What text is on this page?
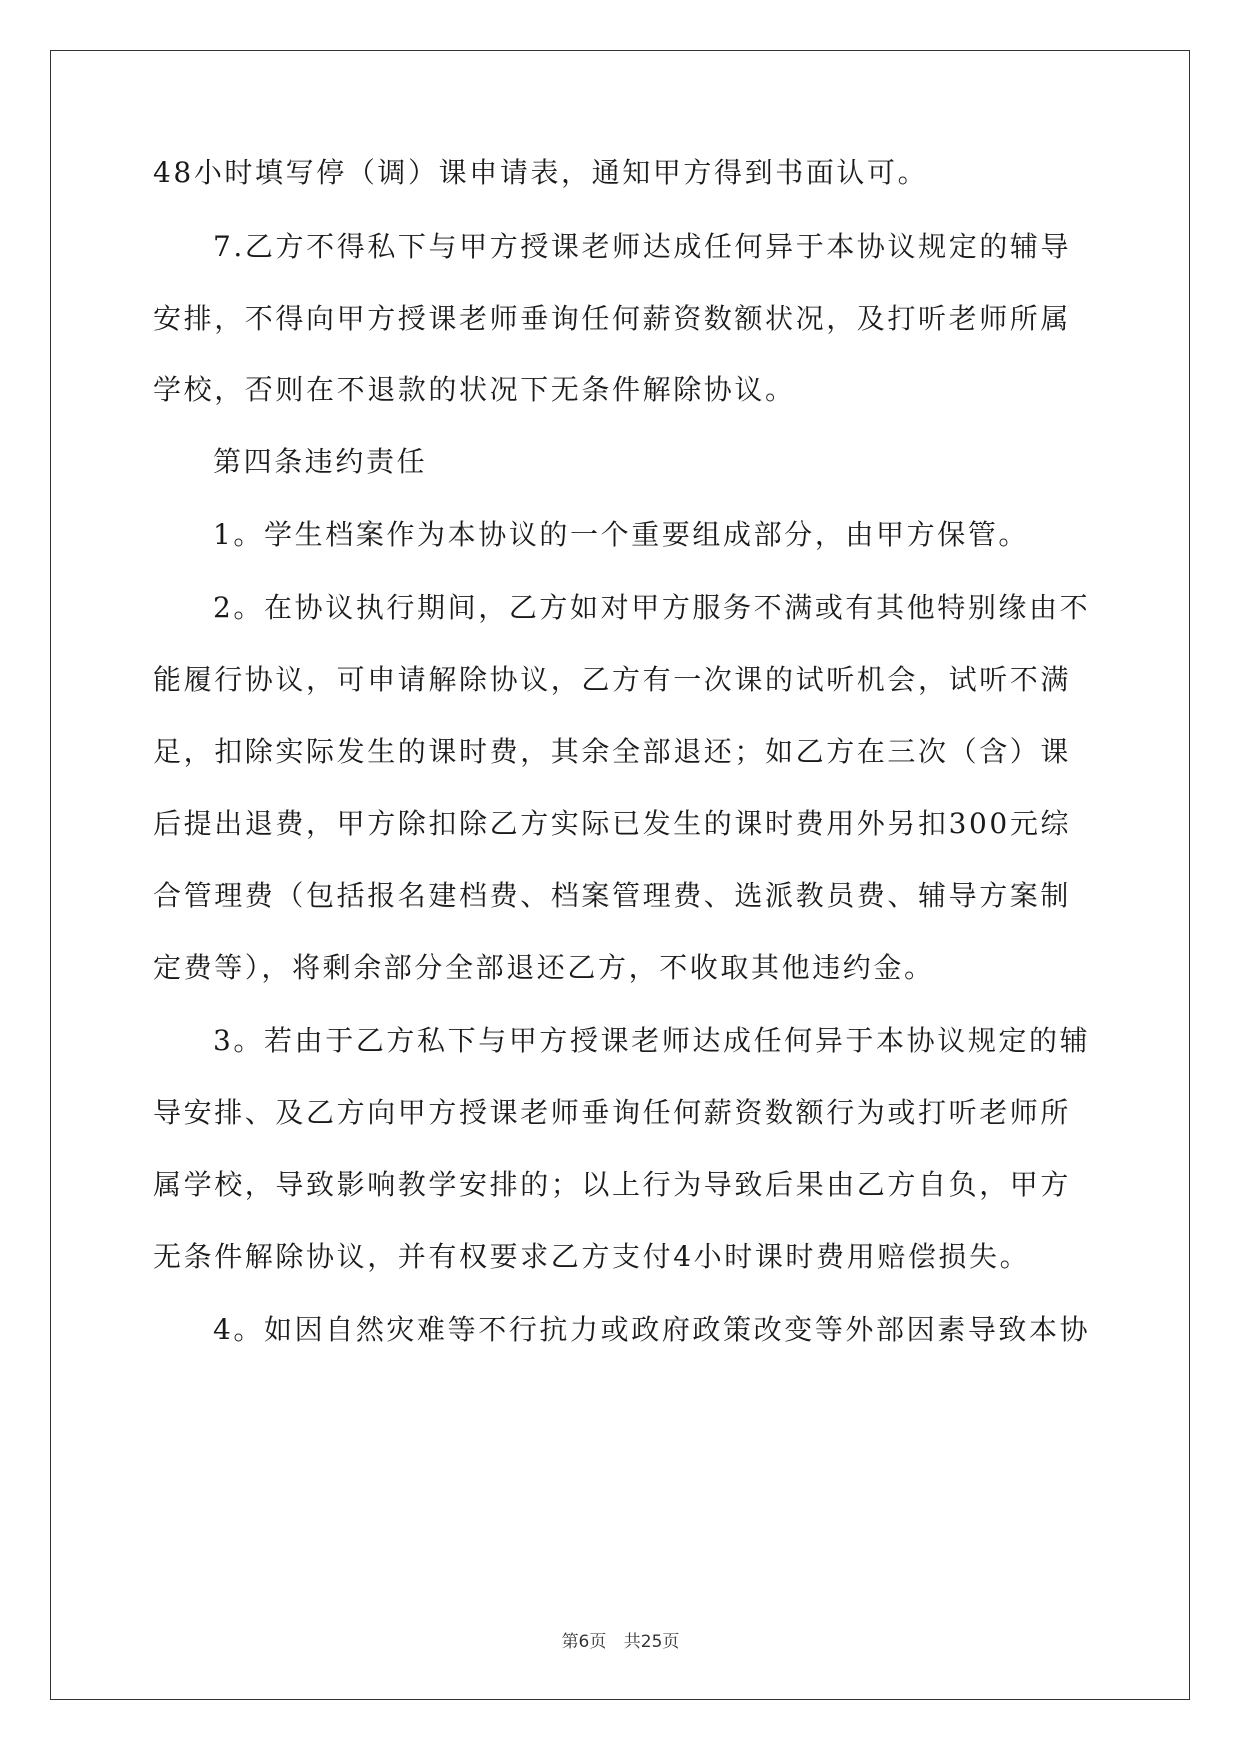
48小时填写停（调）课申请表，通知甲方得到书面认可。
7.乙方不得私下与甲方授课老师达成任何异于本协议规定的辅导
安排，不得向甲方授课老师垂询任何薪资数额状况，及打听老师所属
学校，否则在不退款的状况下无条件解除协议。
第四条违约责任
1。学生档案作为本协议的一个重要组成部分，由甲方保管。
2。在协议执行期间，乙方如对甲方服务不满或有其他特别缘由不
能履行协议，可申请解除协议，乙方有一次课的试听机会，试听不满
足，扣除实际发生的课时费，其余全部退还；如乙方在三次（含）课
后提出退费，甲方除扣除乙方实际已发生的课时费用外另扣300元综
合管理费（包括报名建档费、档案管理费、选派教员费、辅导方案制
定费等），将剩余部分全部退还乙方，不收取其他违约金。
3。若由于乙方私下与甲方授课老师达成任何异于本协议规定的辅
导安排、及乙方向甲方授课老师垂询任何薪资数额行为或打听老师所
属学校，导致影响教学安排的；以上行为导致后果由乙方自负，甲方
无条件解除协议，并有权要求乙方支付4小时课时费用赔偿损失。
4。如因自然灾难等不行抗力或政府政策改变等外部因素导致本协
第6页 共25页
